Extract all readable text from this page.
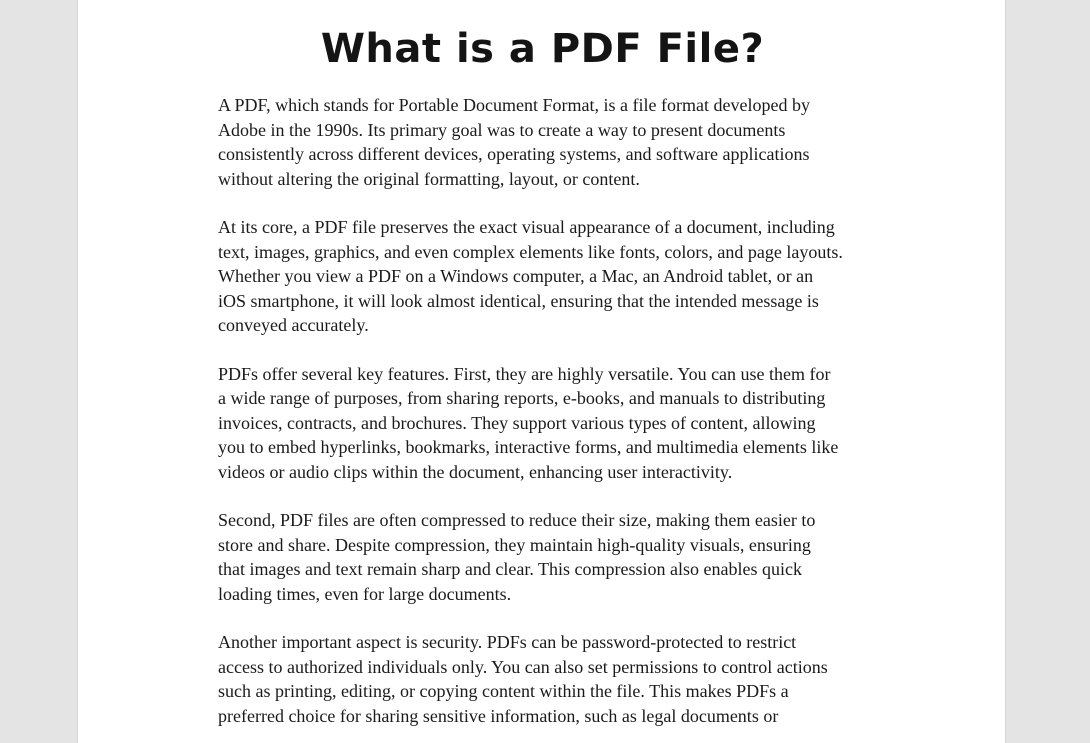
What is a PDF File?

A PDF, which stands for Portable Document Format, is a file format developed by
Adobe in the 1990s. Its primary goal was to create a way to present documents
consistently across different devices, operating systems, and software applications
without altering the original formatting, layout, or content.

At its core, a PDF file preserves the exact visual appearance of a document, including
text, images, graphics, and even complex elements like fonts, colors, and page layouts.
Whether you view a PDF on a Windows computer, a Mac, an Android tablet, or an
iOS smartphone, it will look almost identical, ensuring that the intended message is
conveyed accurately.

PDFs offer several key features. First, they are highly versatile. You can use them for
a wide range of purposes, from sharing reports, e-books, and manuals to distributing
invoices, contracts, and brochures. They support various types of content, allowing
you to embed hyperlinks, bookmarks, interactive forms, and multimedia elements like
videos or audio clips within the document, enhancing user interactivity.

Second, PDF files are often compressed to reduce their size, making them easier to
store and share. Despite compression, they maintain high-quality visuals, ensuring
that images and text remain sharp and clear. This compression also enables quick
loading times, even for large documents.

Another important aspect is security. PDFs can be password-protected to restrict
access to authorized individuals only. You can also set permissions to control actions
such as printing, editing, or copying content within the file. This makes PDFs a
preferred choice for sharing sensitive information, such as legal documents or
